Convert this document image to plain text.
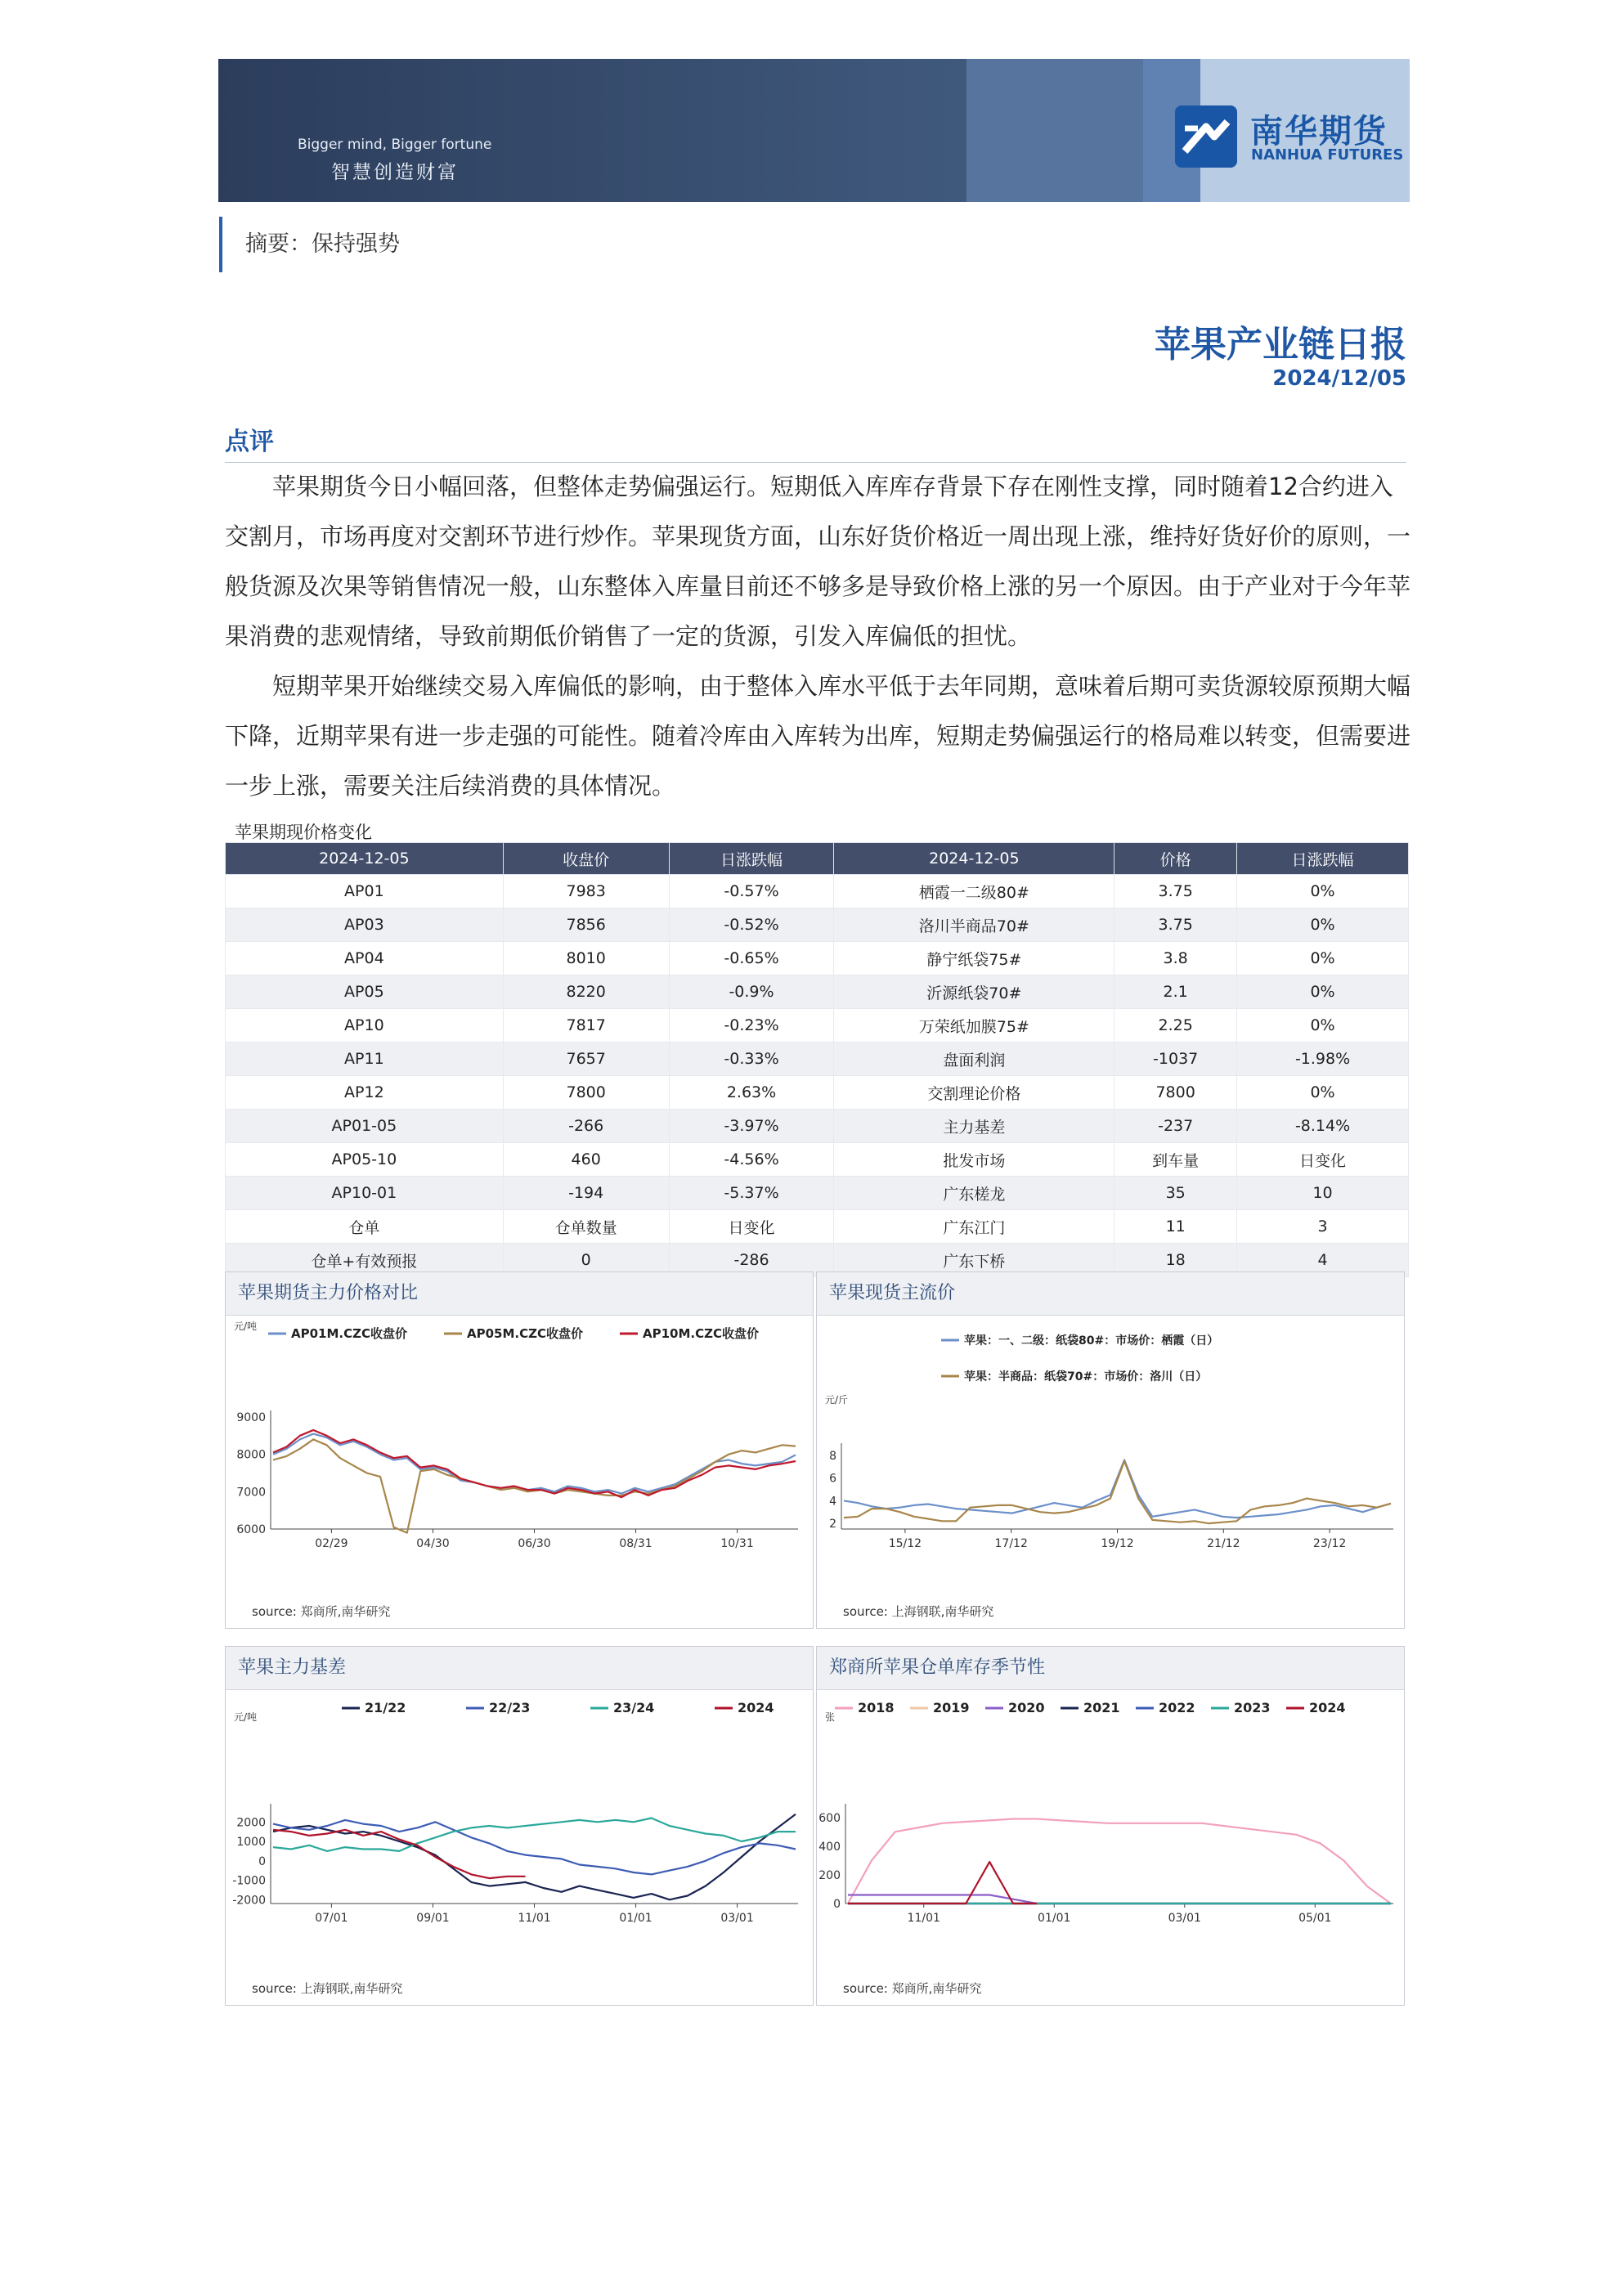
Bigger mind, Bigger fortune
智慧创造财富
南华期货
NANHUA FUTURES
摘要：保持强势
苹果产业链日报
2024/12/05
点评

苹果期货今日小幅回落，但整体走势偏强运行。短期低入库库存背景下存在刚性支撑，同时随着12合约进入交割月，市场再度对交割环节进行炒作。苹果现货方面，山东好货价格近一周出现上涨，维持好货好价的原则，一般货源及次果等销售情况一般，山东整体入库量目前还不够多是导致价格上涨的另一个原因。由于产业对于今年苹果消费的悲观情绪，导致前期低价销售了一定的货源，引发入库偏低的担忧。

短期苹果开始继续交易入库偏低的影响，由于整体入库水平低于去年同期，意味着后期可卖货源较原预期大幅下降，近期苹果有进一步走强的可能性。随着冷库由入库转为出库，短期走势偏强运行的格局难以转变，但需要进一步上涨，需要关注后续消费的具体情况。

苹果期现价格变化
2024-12-05	收盘价	日涨跌幅	2024-12-05	价格	日涨跌幅
AP01	7983	-0.57%	栖霞一二级80#	3.75	0%
AP03	7856	-0.52%	洛川半商品70#	3.75	0%
AP04	8010	-0.65%	静宁纸袋75#	3.8	0%
AP05	8220	-0.9%	沂源纸袋70#	2.1	0%
AP10	7817	-0.23%	万荣纸加膜75#	2.25	0%
AP11	7657	-0.33%	盘面利润	-1037	-1.98%
AP12	7800	2.63%	交割理论价格	7800	0%
AP01-05	-266	-3.97%	主力基差	-237	-8.14%
AP05-10	460	-4.56%	批发市场	到车量	日变化
AP10-01	-194	-5.37%	广东槎龙	35	10
仓单	仓单数量	日变化	广东江门	11	3
仓单+有效预报	0	-286	广东下桥	18	4
苹果期货主力价格对比
元/吨
6000
7000
8000
9000
02/29	04/30	06/30	08/31	10/31
AP01M.CZC收盘价	AP05M.CZC收盘价	AP10M.CZC收盘价
source: 郑商所,南华研究
苹果现货主流价
元/斤
2
4
6
8
15/12	17/12	19/12	21/12	23/12
苹果：一、二级：纸袋80#：市场价：栖霞（日）
苹果：半商品：纸袋70#：市场价：洛川（日）
source: 上海钢联,南华研究
苹果主力基差
元/吨
-2000
-1000
0
1000
2000
07/01	09/01	11/01	01/01	03/01
21/22	22/23	23/24	2024
source: 上海钢联,南华研究
郑商所苹果仓单库存季节性
张
0
200
400
600
11/01	01/01	03/01	05/01
2018	2019	2020	2021	2022	2023	2024
source: 郑商所,南华研究
